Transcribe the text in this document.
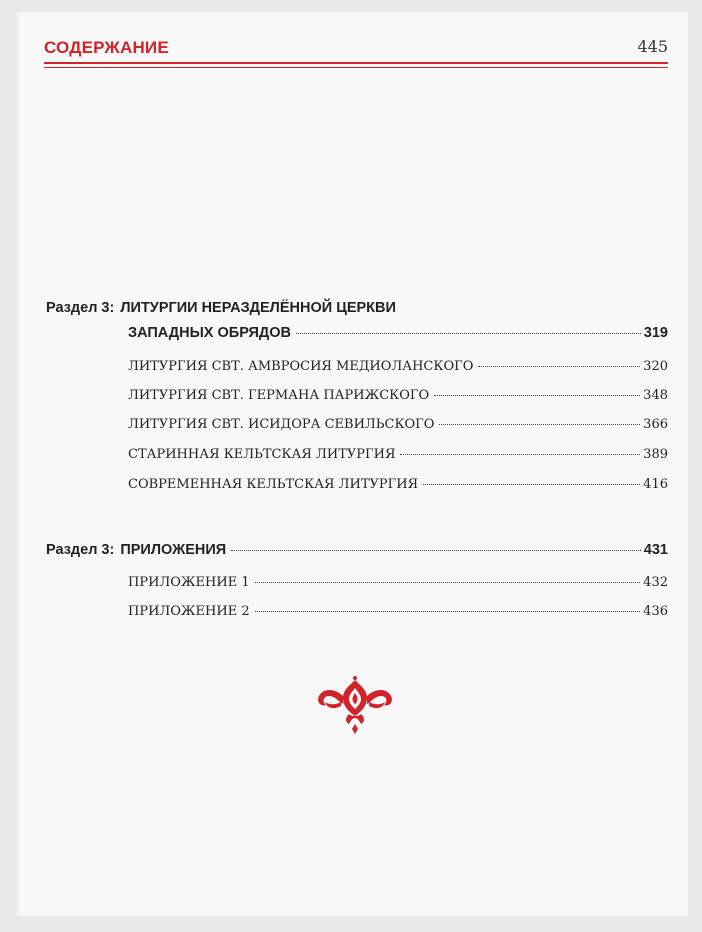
СОДЕРЖАНИЕ	445
Раздел 3: ЛИТУРГИИ НЕРАЗДЕЛЁННОЙ ЦЕРКВИ
ЗАПАДНЫХ ОБРЯДОВ	319
ЛИТУРГИЯ СВТ. АМВРОСИЯ МЕДИОЛАНСКОГО	320
ЛИТУРГИЯ СВТ. ГЕРМАНА ПАРИЖСКОГО	348
ЛИТУРГИЯ СВТ. ИСИДОРА СЕВИЛЬСКОГО	366
СТАРИННАЯ КЕЛЬТСКАЯ ЛИТУРГИЯ	389
СОВРЕМЕННАЯ КЕЛЬТСКАЯ ЛИТУРГИЯ	416
Раздел 3: ПРИЛОЖЕНИЯ	431
ПРИЛОЖЕНИЕ 1	432
ПРИЛОЖЕНИЕ 2	436
